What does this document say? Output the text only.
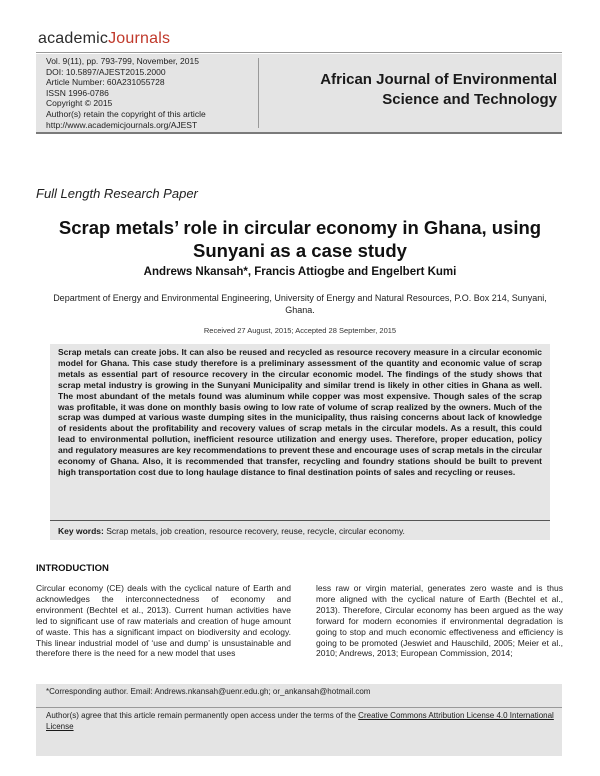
academicJournals
Vol. 9(11), pp. 793-799, November, 2015
DOI: 10.5897/AJEST2015.2000
Article Number: 60A231055728
ISSN 1996-0786
Copyright © 2015
Author(s) retain the copyright of this article
http://www.academicjournals.org/AJEST
African Journal of Environmental Science and Technology
Full Length Research Paper
Scrap metals’ role in circular economy in Ghana, using Sunyani as a case study
Andrews Nkansah*, Francis Attiogbe and Engelbert Kumi
Department of Energy and Environmental Engineering, University of Energy and Natural Resources, P.O. Box 214, Sunyani, Ghana.
Received 27 August, 2015; Accepted 28 September, 2015
Scrap metals can create jobs. It can also be reused and recycled as resource recovery measure in a circular economic model for Ghana. This case study therefore is a preliminary assessment of the quantity and economic value of scrap metals as essential part of resource recovery in the circular economic model. The findings of the study shows that scrap metal industry is growing in the Sunyani Municipality and similar trend is likely in other cities in Ghana as well. The most abundant of the metals found was aluminum while copper was most expensive. Though sales of the scrap was profitable, it was done on monthly basis owing to low rate of volume of scrap realized by the owners. Much of the scrap was dumped at various waste dumping sites in the municipality, thus raising concerns about lack of knowledge of residents about the profitability and recovery values of scrap metals in the circular models. As a result, this could lead to environmental pollution, inefficient resource utilization and energy uses. Therefore, proper education, policy and regulatory measures are key recommendations to prevent these and encourage uses of scrap metals in the circular economy of Ghana. Also, it is recommended that transfer, recycling and foundry stations should be built to prevent high transportation cost due to long haulage distance to final destination points of sales and recycling or reuses.
Key words: Scrap metals, job creation, resource recovery, reuse, recycle, circular economy.
INTRODUCTION
Circular economy (CE) deals with the cyclical nature of Earth and acknowledges the interconnectedness of economy and environment (Bechtel et al., 2013). Current human activities have led to significant use of raw materials and creation of huge amount of waste. This has a significant impact on biodiversity and ecology. This linear industrial model of ‘use and dump’ is unsustainable and therefore there is the need for a new model that uses
less raw or virgin material, generates zero waste and is thus more aligned with the cyclical nature of Earth (Bechtel et al., 2013). Therefore, Circular economy has been argued as the way forward for modern economies if environmental degradation is going to stop and much economic effectiveness and efficiency is going to be promoted (Jeswiet and Hauschild, 2005; Meier et al., 2010; Andrews, 2013; European Commission, 2014;
*Corresponding author. Email: Andrews.nkansah@uenr.edu.gh; or_ankansah@hotmail.com
Author(s) agree that this article remain permanently open access under the terms of the Creative Commons Attribution License 4.0 International License
